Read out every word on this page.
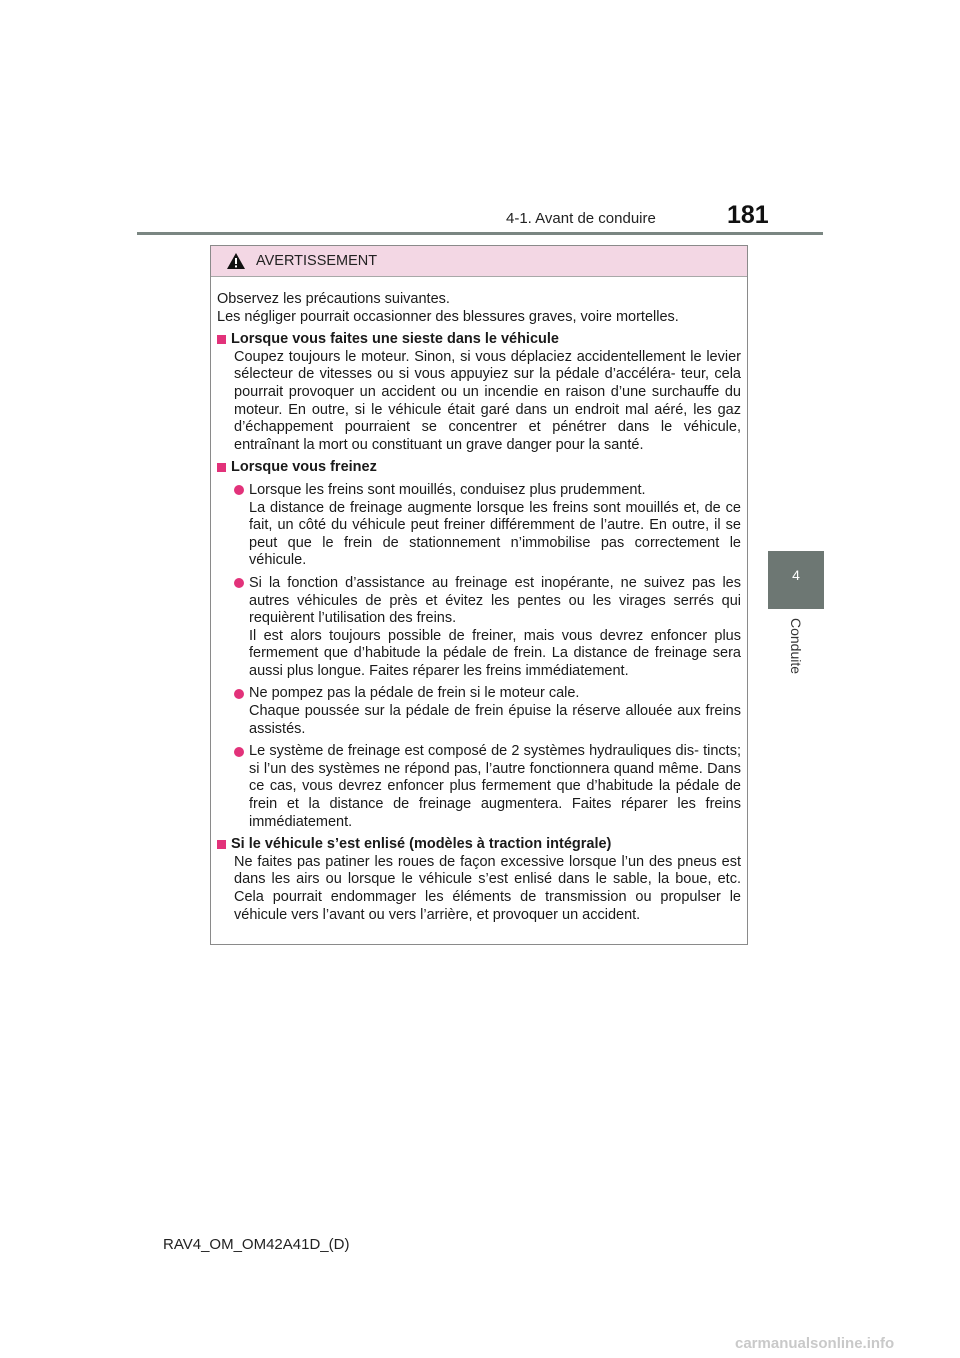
4-1. Avant de conduire	181
4
Conduite
AVERTISSEMENT

Observez les précautions suivantes.

Les négliger pourrait occasionner des blessures graves, voire mortelles.

Lorsque vous faites une sieste dans le véhicule

Coupez toujours le moteur. Sinon, si vous déplaciez accidentellement le levier sélecteur de vitesses ou si vous appuyiez sur la pédale d’accéléra- teur, cela pourrait provoquer un accident ou un incendie en raison d’une surchauffe du moteur. En outre, si le véhicule était garé dans un endroit mal aéré, les gaz d’échappement pourraient se concentrer et pénétrer dans le véhicule, entraînant la mort ou constituant un grave danger pour la santé.

Lorsque vous freinez

Lorsque les freins sont mouillés, conduisez plus prudemment.

La distance de freinage augmente lorsque les freins sont mouillés et, de ce fait, un côté du véhicule peut freiner différemment de l’autre. En outre, il se peut que le frein de stationnement n’immobilise pas correctement le véhicule.

Si la fonction d’assistance au freinage est inopérante, ne suivez pas les autres véhicules de près et évitez les pentes ou les virages serrés qui requièrent l’utilisation des freins.

Il est alors toujours possible de freiner, mais vous devrez enfoncer plus fermement que d’habitude la pédale de frein. La distance de freinage sera aussi plus longue. Faites réparer les freins immédiatement.

Ne pompez pas la pédale de frein si le moteur cale.

Chaque poussée sur la pédale de frein épuise la réserve allouée aux freins assistés.

Le système de freinage est composé de 2 systèmes hydrauliques dis- tincts; si l’un des systèmes ne répond pas, l’autre fonctionnera quand même. Dans ce cas, vous devrez enfoncer plus fermement que d’habitude la pédale de frein et la distance de freinage augmentera. Faites réparer les freins immédiatement.

Si le véhicule s’est enlisé (modèles à traction intégrale)

Ne faites pas patiner les roues de façon excessive lorsque l’un des pneus est dans les airs ou lorsque le véhicule s’est enlisé dans le sable, la boue, etc. Cela pourrait endommager les éléments de transmission ou propulser le véhicule vers l’avant ou vers l’arrière, et provoquer un accident.

RAV4_OM_OM42A41D_(D)
carmanualsonline.info
